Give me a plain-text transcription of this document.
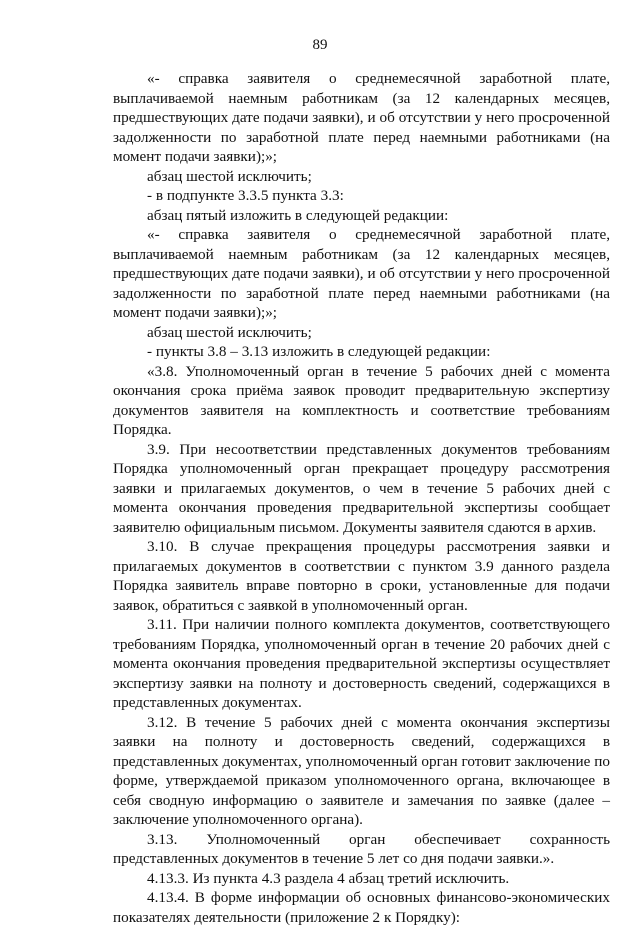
89

«- справка заявителя о среднемесячной заработной плате, выплачиваемой наемным работникам (за 12 календарных месяцев, предшествующих дате подачи заявки), и об отсутствии у него просроченной задолженности по заработной плате перед наемными работниками (на момент подачи заявки);»;

абзац шестой исключить;

- в подпункте 3.3.5 пункта 3.3:

абзац пятый изложить в следующей редакции:

«- справка заявителя о среднемесячной заработной плате, выплачиваемой наемным работникам (за 12 календарных месяцев, предшествующих дате подачи заявки), и об отсутствии у него просроченной задолженности по заработной плате перед наемными работниками (на момент подачи заявки);»;

абзац шестой исключить;

- пункты 3.8 – 3.13 изложить в следующей редакции:

«3.8. Уполномоченный орган в течение 5 рабочих дней с момента окончания срока приёма заявок проводит предварительную экспертизу документов заявителя на комплектность и соответствие требованиям Порядка.

3.9. При несоответствии представленных документов требованиям Порядка уполномоченный орган прекращает процедуру рассмотрения заявки и прилагаемых документов, о чем в течение 5 рабочих дней с момента окончания проведения предварительной экспертизы сообщает заявителю официальным письмом. Документы заявителя сдаются в архив.

3.10. В случае прекращения процедуры рассмотрения заявки и прилагаемых документов в соответствии с пунктом 3.9 данного раздела Порядка заявитель вправе повторно в сроки, установленные для подачи заявок, обратиться с заявкой в уполномоченный орган.

3.11. При наличии полного комплекта документов, соответствующего требованиям Порядка, уполномоченный орган в течение 20 рабочих дней с момента окончания проведения предварительной экспертизы осуществляет экспертизу заявки на полноту и достоверность сведений, содержащихся в представленных документах.

3.12. В течение 5 рабочих дней с момента окончания экспертизы заявки на полноту и достоверность сведений, содержащихся в представленных документах, уполномоченный орган готовит заключение по форме, утверждаемой приказом уполномоченного органа, включающее в себя сводную информацию о заявителе и замечания по заявке (далее – заключение уполномоченного органа).

3.13. Уполномоченный орган обеспечивает сохранность представленных документов в течение 5 лет со дня подачи заявки.».

4.13.3. Из пункта 4.3 раздела 4 абзац третий исключить.

4.13.4. В форме информации об основных финансово-экономических показателях деятельности (приложение 2 к Порядку):
